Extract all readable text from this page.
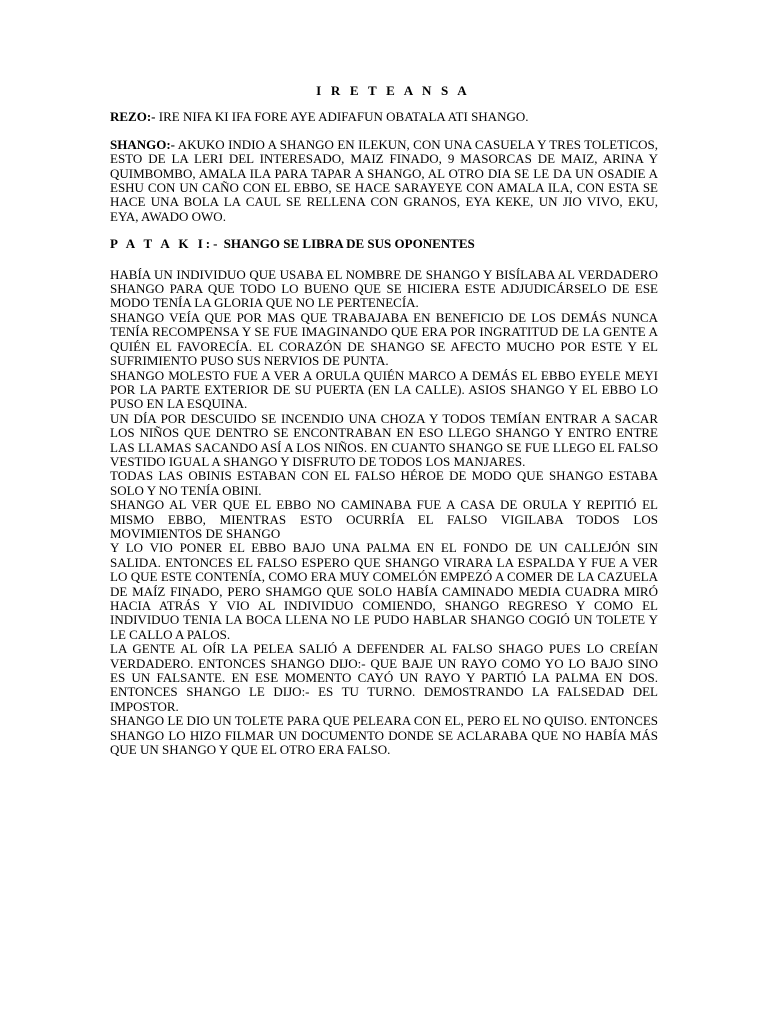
I R E T E A N S A

REZO:- IRE NIFA KI IFA FORE AYE ADIFAFUN OBATALA ATI SHANGO.

SHANGO:- AKUKO INDIO A SHANGO EN ILEKUN, CON UNA CASUELA Y TRES TOLETICOS, ESTO DE LA LERI DEL INTERESADO, MAIZ FINADO, 9 MASORCAS DE MAIZ, ARINA Y QUIMBOMBO, AMALA ILA PARA TAPAR A SHANGO, AL OTRO DIA SE LE DA UN OSADIE A ESHU CON UN CAÑO CON EL EBBO, SE HACE SARAYEYE CON AMALA ILA, CON ESTA SE HACE UNA BOLA LA CAUL SE RELLENA CON GRANOS, EYA KEKE, UN JIO VIVO, EKU, EYA, AWADO OWO.

P A T A K I:- SHANGO SE LIBRA DE SUS OPONENTES

HABÍA UN INDIVIDUO QUE USABA EL NOMBRE DE SHANGO Y BISÍLABA AL VERDADERO SHANGO PARA QUE TODO LO BUENO QUE SE HICIERA ESTE ADJUDICÁRSELO DE ESE MODO TENÍA LA GLORIA QUE NO LE PERTENECÍA.

SHANGO VEÍA QUE POR MAS QUE TRABAJABA EN BENEFICIO DE LOS DEMÁS NUNCA TENÍA RECOMPENSA Y SE FUE IMAGINANDO QUE ERA POR INGRATITUD DE LA GENTE A QUIÉN EL FAVORECÍA. EL CORAZÓN DE SHANGO SE AFECTO MUCHO POR ESTE Y EL SUFRIMIENTO PUSO SUS NERVIOS DE PUNTA.

SHANGO MOLESTO FUE A VER A ORULA QUIÉN MARCO A DEMÁS EL EBBO EYELE MEYI POR LA PARTE EXTERIOR DE SU PUERTA (EN LA CALLE). ASIOS SHANGO Y EL EBBO LO PUSO EN LA ESQUINA.

UN DÍA POR DESCUIDO SE INCENDIO UNA CHOZA Y TODOS TEMÍAN ENTRAR A SACAR LOS NIÑOS QUE DENTRO SE ENCONTRABAN EN ESO LLEGO SHANGO Y ENTRO ENTRE LAS LLAMAS SACANDO ASÍ A LOS NIÑOS. EN CUANTO SHANGO SE FUE LLEGO EL FALSO VESTIDO IGUAL A SHANGO Y DISFRUTO DE TODOS LOS MANJARES.

TODAS LAS OBINIS ESTABAN CON EL FALSO HÉROE DE MODO QUE SHANGO ESTABA SOLO Y NO TENÍA OBINI.

SHANGO AL VER QUE EL EBBO NO CAMINABA FUE A CASA DE ORULA Y REPITIÓ EL MISMO EBBO, MIENTRAS ESTO OCURRÍA EL FALSO VIGILABA TODOS LOS MOVIMIENTOS DE SHANGO

Y LO VIO PONER EL EBBO BAJO UNA PALMA EN EL FONDO DE UN CALLEJÓN SIN SALIDA. ENTONCES EL FALSO ESPERO QUE SHANGO VIRARA LA ESPALDA Y FUE A VER LO QUE ESTE CONTENÍA, COMO ERA MUY COMELÓN EMPEZÓ A COMER DE LA CAZUELA DE MAÍZ FINADO, PERO SHAMGO QUE SOLO HABÍA CAMINADO MEDIA CUADRA MIRÓ HACIA ATRÁS Y VIO AL INDIVIDUO COMIENDO, SHANGO REGRESO Y COMO EL INDIVIDUO TENIA LA BOCA LLENA NO LE PUDO HABLAR SHANGO COGIÓ UN TOLETE Y LE CALLO A PALOS.

LA GENTE AL OÍR LA PELEA SALIÓ A DEFENDER AL FALSO SHAGO PUES LO CREÍAN VERDADERO. ENTONCES SHANGO DIJO:- QUE BAJE UN RAYO COMO YO LO BAJO SINO ES UN FALSANTE. EN ESE MOMENTO CAYÓ UN RAYO Y PARTIÓ LA PALMA EN DOS. ENTONCES SHANGO LE DIJO:- ES TU TURNO. DEMOSTRANDO LA FALSEDAD DEL IMPOSTOR.

SHANGO LE DIO UN TOLETE PARA QUE PELEARA CON EL, PERO EL NO QUISO. ENTONCES SHANGO LO HIZO FILMAR UN DOCUMENTO DONDE SE ACLARABA QUE NO HABÍA MÁS QUE UN SHANGO Y QUE EL OTRO ERA FALSO.
